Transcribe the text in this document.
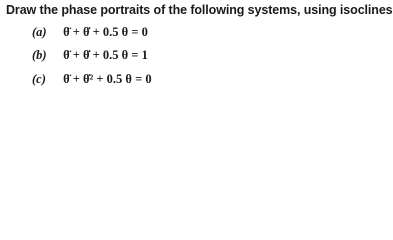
Draw the phase portraits of the following systems, using isoclines
(a) θ̈ + θ̇ + 0.5 θ = 0
(b) θ̈ + θ̇ + 0.5 θ = 1
(c) θ̈ + θ̇² + 0.5 θ = 0
